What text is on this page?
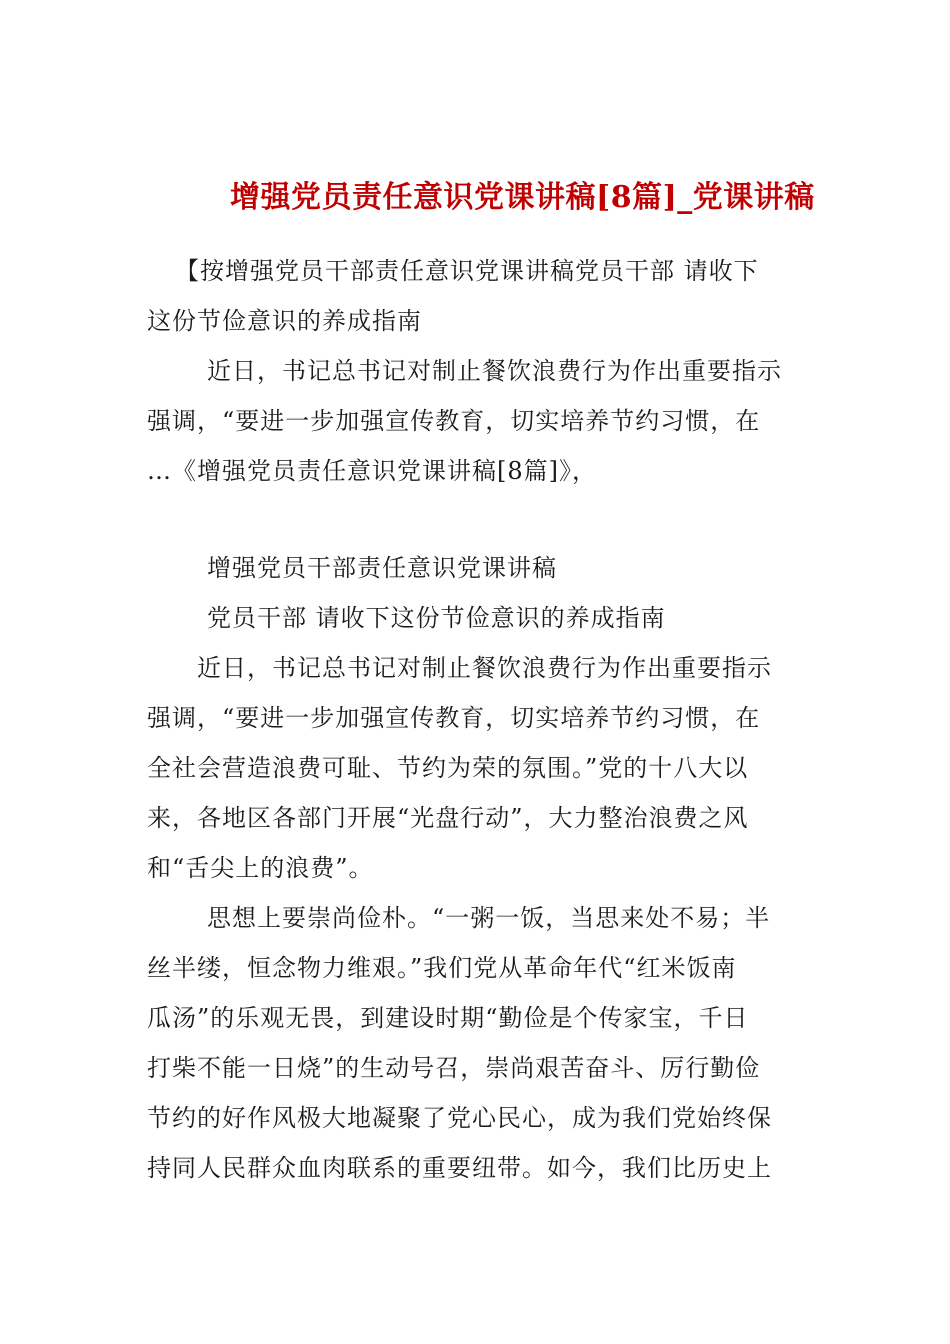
增强党员责任意识党课讲稿[8篇]_党课讲稿
【按增强党员干部责任意识党课讲稿党员干部 请收下
这份节俭意识的养成指南
近日，书记总书记对制止餐饮浪费行为作出重要指示
强调，“要进一步加强宣传教育，切实培养节约习惯，在
…《增强党员责任意识党课讲稿[8篇]》，
增强党员干部责任意识党课讲稿
党员干部 请收下这份节俭意识的养成指南
近日，书记总书记对制止餐饮浪费行为作出重要指示
强调，“要进一步加强宣传教育，切实培养节约习惯，在
全社会营造浪费可耻、节约为荣的氛围。”党的十八大以
来，各地区各部门开展“光盘行动”，大力整治浪费之风
和“舌尖上的浪费”。
思想上要崇尚俭朴。“一粥一饭，当思来处不易；半
丝半缕，恒念物力维艰。”我们党从革命年代“红米饭南
瓜汤”的乐观无畏，到建设时期“勤俭是个传家宝，千日
打柴不能一日烧”的生动号召，崇尚艰苦奋斗、厉行勤俭
节约的好作风极大地凝聚了党心民心，成为我们党始终保
持同人民群众血肉联系的重要纽带。如今，我们比历史上
